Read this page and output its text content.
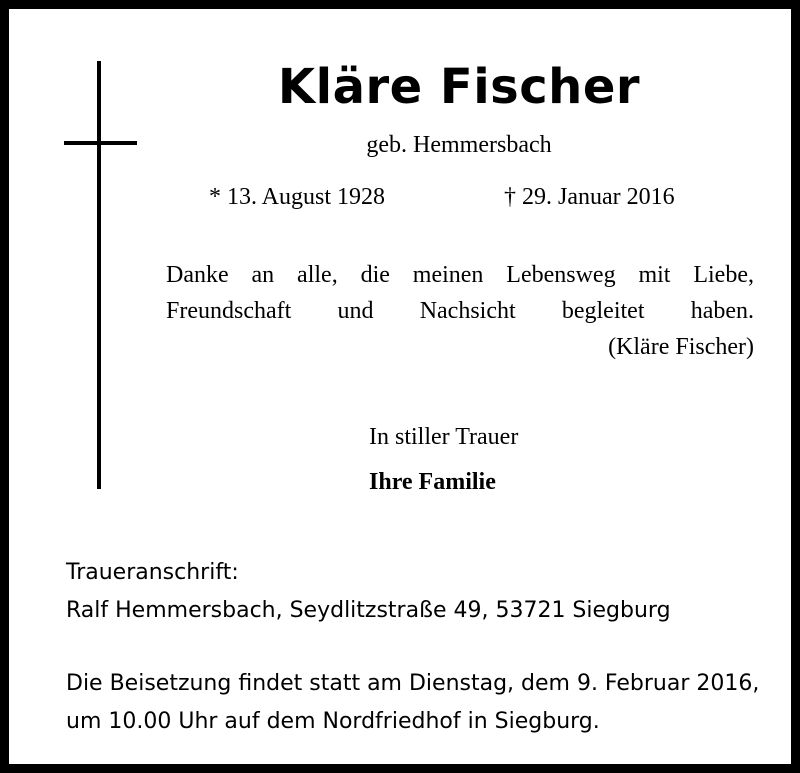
Kläre Fischer
geb. Hemmersbach
* 13. August 1928	† 29. Januar 2016
Danke an alle, die meinen Lebensweg mit Liebe,
Freundschaft und Nachsicht begleitet haben.
(Kläre Fischer)
In stiller Trauer
Ihre Familie
Traueranschrift:
Ralf Hemmersbach, Seydlitzstraße 49, 53721 Siegburg
Die Beisetzung findet statt am Dienstag, dem 9. Februar 2016,
um 10.00 Uhr auf dem Nordfriedhof in Siegburg.
